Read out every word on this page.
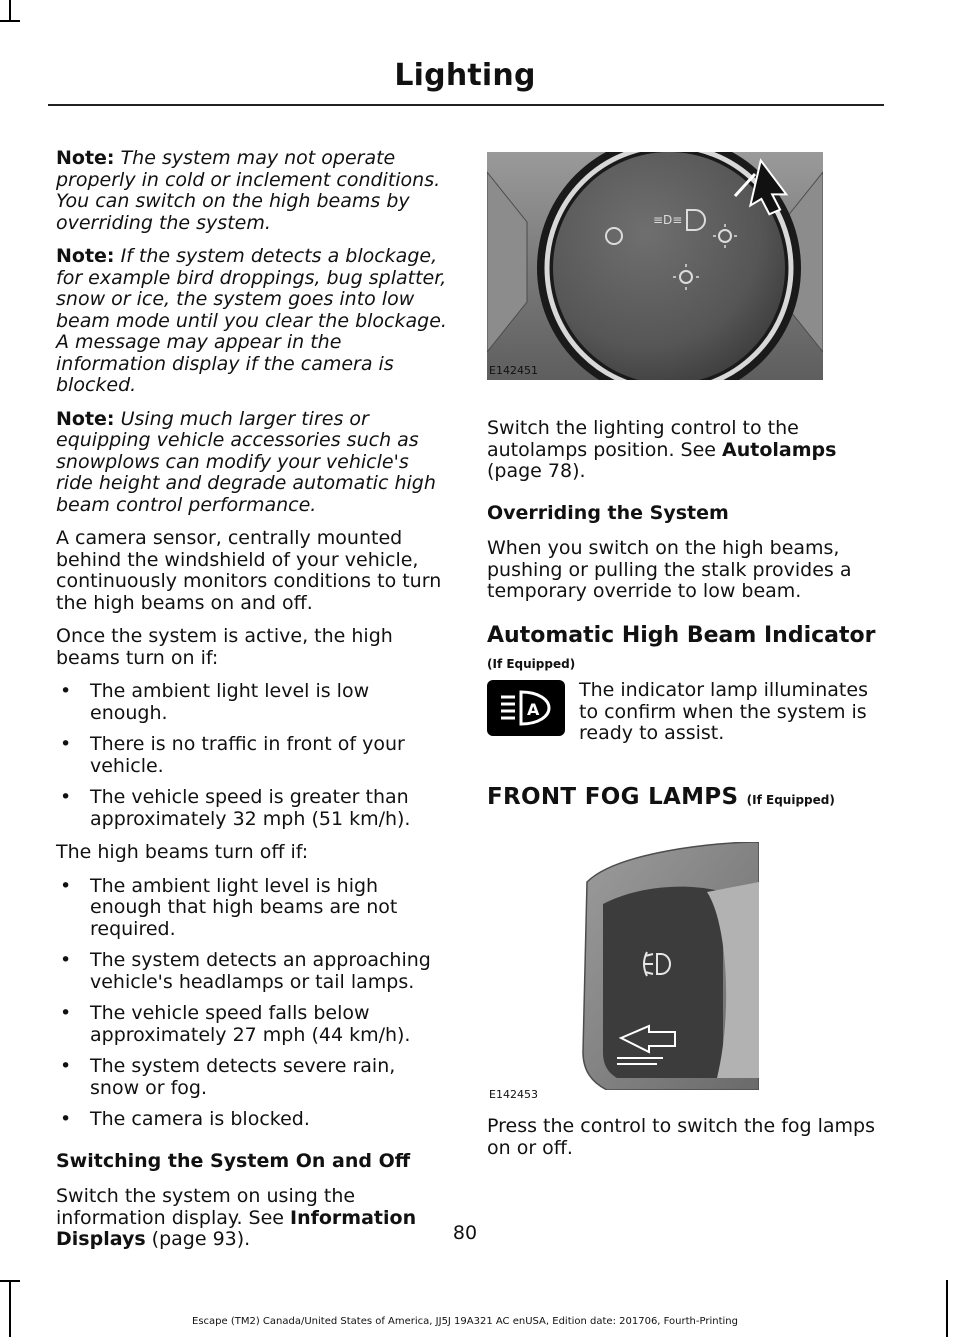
Lighting

Note: The system may not operate properly in cold or inclement conditions. You can switch on the high beams by overriding the system.

Note: If the system detects a blockage, for example bird droppings, bug splatter, snow or ice, the system goes into low beam mode until you clear the blockage. A message may appear in the information display if the camera is blocked.

Note: Using much larger tires or equipping vehicle accessories such as snowplows can modify your vehicle's ride height and degrade automatic high beam control performance.

A camera sensor, centrally mounted behind the windshield of your vehicle, continuously monitors conditions to turn the high beams on and off.

Once the system is active, the high beams turn on if:

• The ambient light level is low enough.
• There is no traffic in front of your vehicle.
• The vehicle speed is greater than approximately 32 mph (51 km/h).

The high beams turn off if:

• The ambient light level is high enough that high beams are not required.
• The system detects an approaching vehicle's headlamps or tail lamps.
• The vehicle speed falls below approximately 27 mph (44 km/h).
• The system detects severe rain, snow or fog.
• The camera is blocked.
Switching the System On and Off

Switch the system on using the information display. See Information Displays (page 93).

≡D≡
E142451

Switch the lighting control to the autolamps position. See Autolamps (page 78).

Overriding the System

When you switch on the high beams, pushing or pulling the stalk provides a temporary override to low beam.

Automatic High Beam Indicator (If Equipped)
A
The indicator lamp illuminates to confirm when the system is ready to assist.
FRONT FOG LAMPS (If Equipped)
E142453

Press the control to switch the fog lamps on or off.

80
Escape (TM2) Canada/United States of America, JJ5J 19A321 AC enUSA, Edition date: 201706, Fourth-Printing
